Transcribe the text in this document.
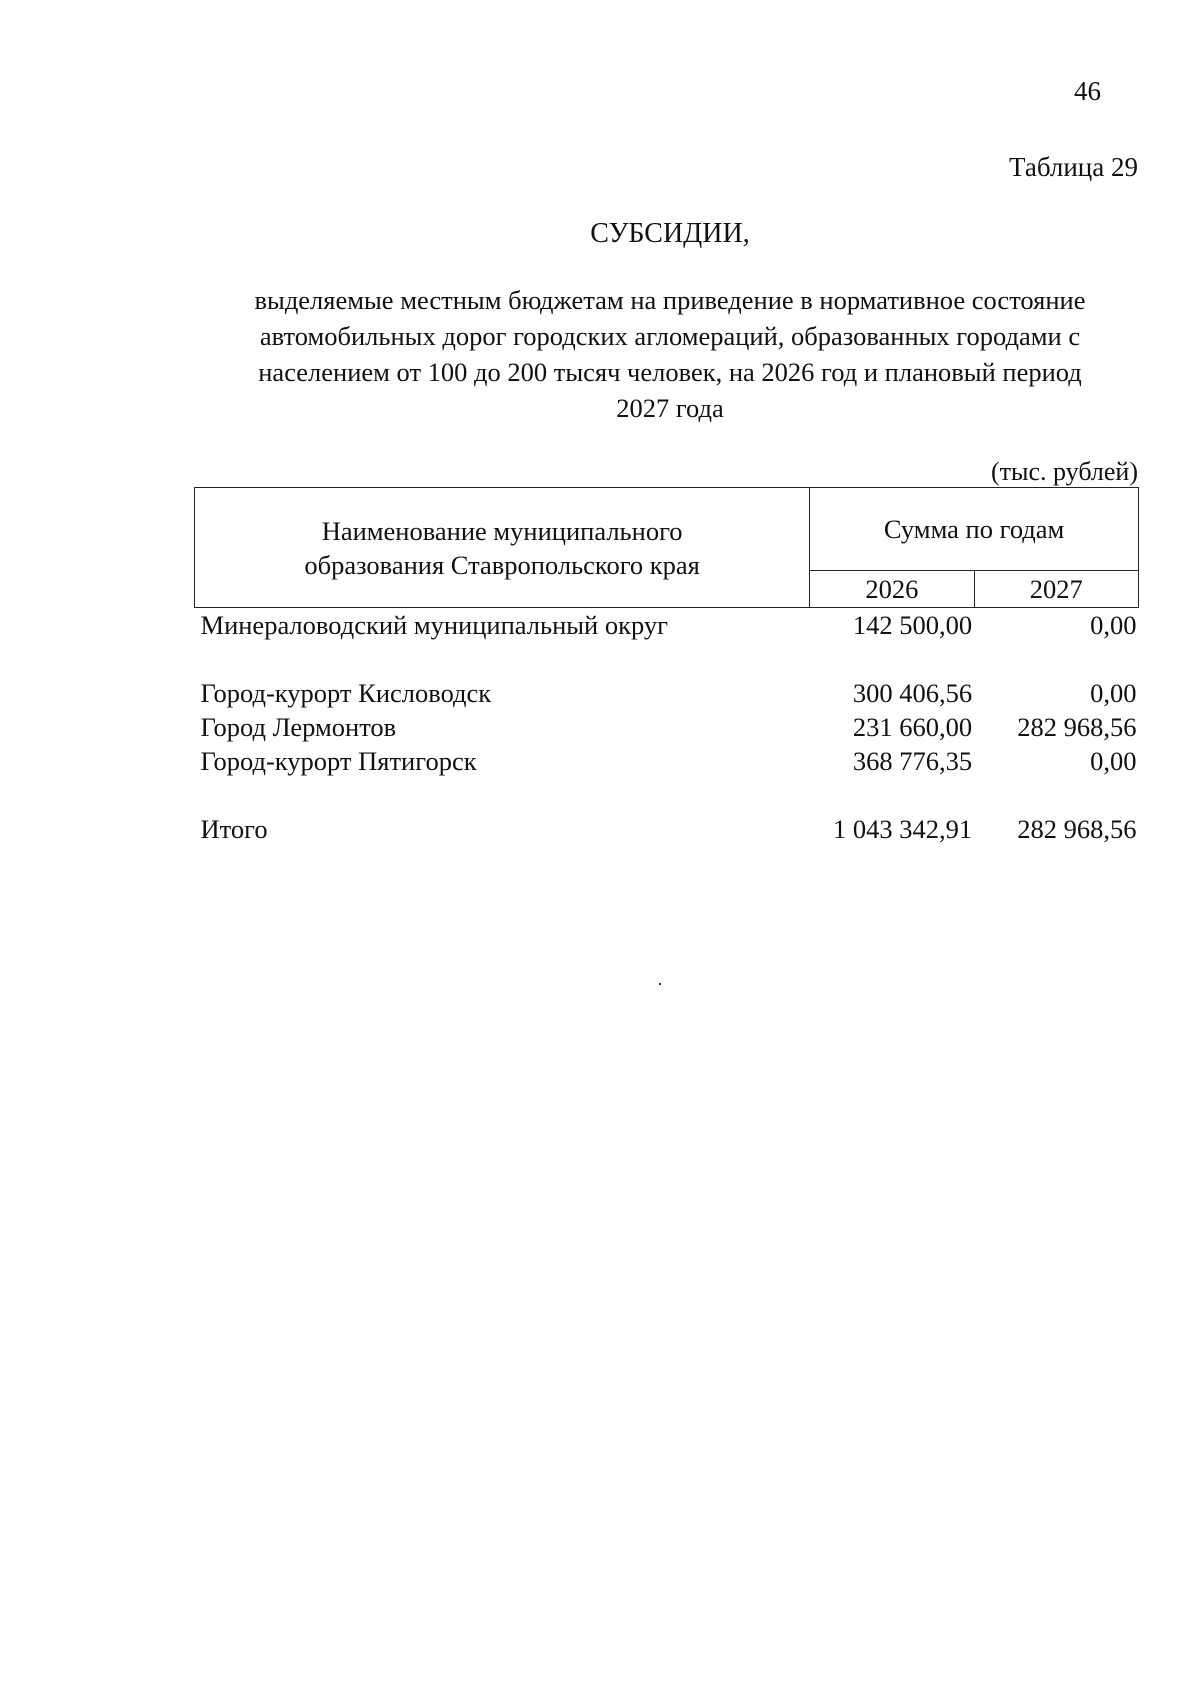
46
Таблица 29
СУБСИДИИ,
выделяемые местным бюджетам на приведение в нормативное состояние
автомобильных дорог городских агломераций, образованных городами с
населением от 100 до 200 тысяч человек, на 2026 год и плановый период
2027 года
(тыс. рублей)
Наименование муниципального
образования Ставропольского края	Сумма по годам	
	2026	2027
Минераловодский муниципальный округ	142 500,00	0,00

Город-курорт Кисловодск	300 406,56	0,00
Город Лермонтов	231 660,00	282 968,56
Город-курорт Пятигорск	368 776,35	0,00

Итого	1 043 342,91	282 968,56
